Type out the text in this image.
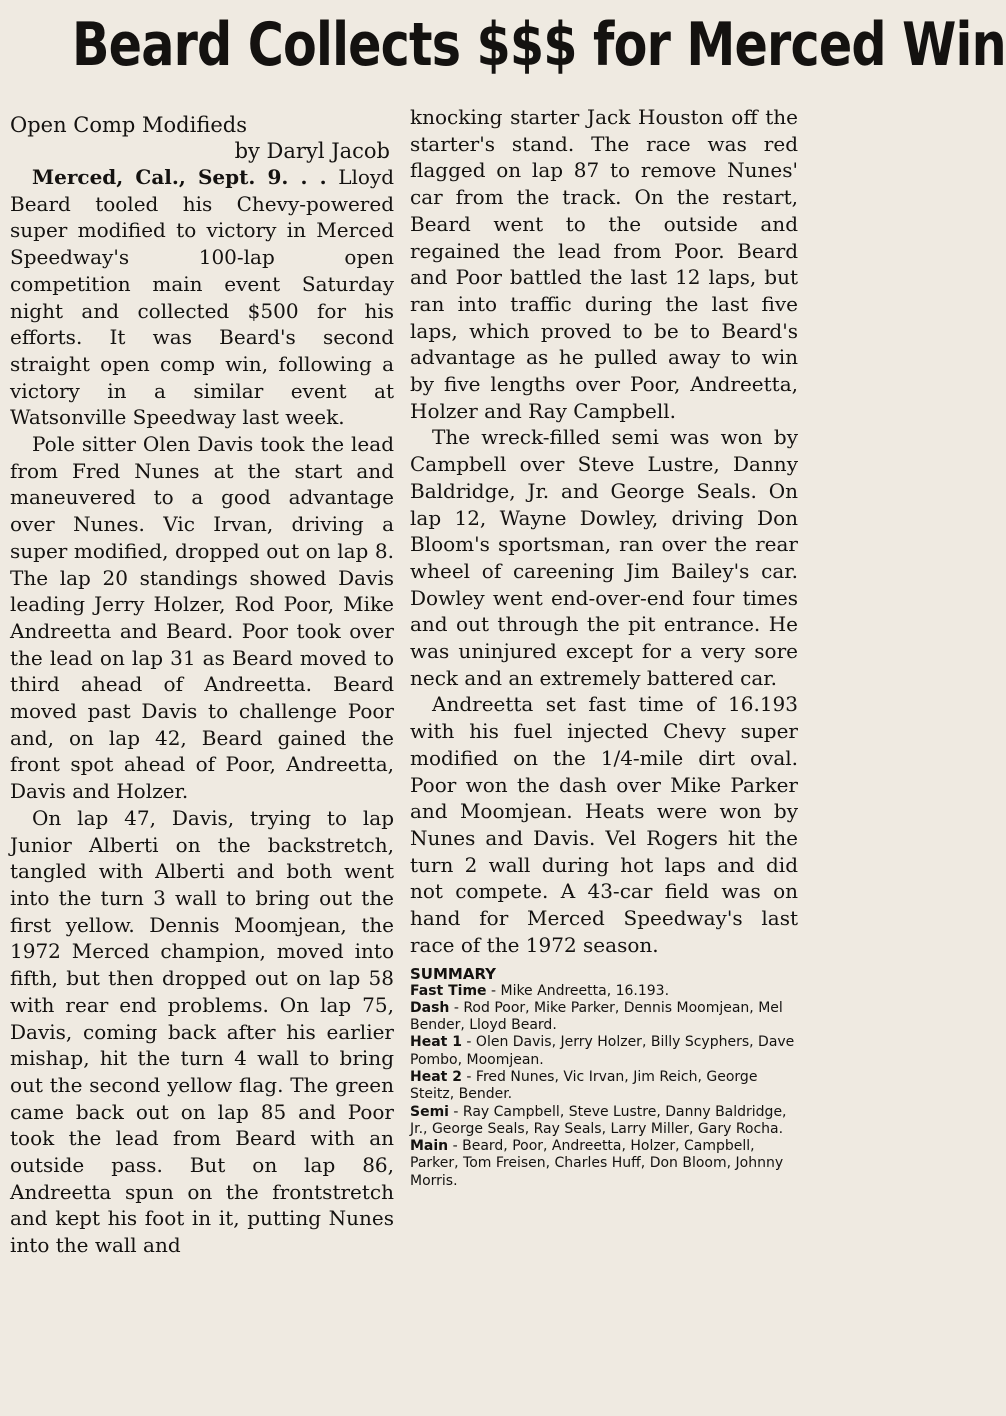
Beard Collects $$$ for Merced Win
Open Comp Modifieds
by Daryl Jacob

Merced, Cal., Sept. 9. . . Lloyd Beard tooled his Chevy-powered super modified to victory in Merced Speedway's 100-lap open competition main event Saturday night and collected $500 for his efforts. It was Beard's second straight open comp win, following a victory in a similar event at Watsonville Speedway last week.

Pole sitter Olen Davis took the lead from Fred Nunes at the start and maneuvered to a good advantage over Nunes. Vic Irvan, driving a super modified, dropped out on lap 8. The lap 20 standings showed Davis leading Jerry Holzer, Rod Poor, Mike Andreetta and Beard. Poor took over the lead on lap 31 as Beard moved to third ahead of Andreetta. Beard moved past Davis to challenge Poor and, on lap 42, Beard gained the front spot ahead of Poor, Andreetta, Davis and Holzer.

On lap 47, Davis, trying to lap Junior Alberti on the backstretch, tangled with Alberti and both went into the turn 3 wall to bring out the first yellow. Dennis Moomjean, the 1972 Merced champion, moved into fifth, but then dropped out on lap 58 with rear end problems. On lap 75, Davis, coming back after his earlier mishap, hit the turn 4 wall to bring out the second yellow flag. The green came back out on lap 85 and Poor took the lead from Beard with an outside pass. But on lap 86, Andreetta spun on the frontstretch and kept his foot in it, putting Nunes into the wall and

knocking starter Jack Houston off the starter's stand. The race was red flagged on lap 87 to remove Nunes' car from the track. On the restart, Beard went to the outside and regained the lead from Poor. Beard and Poor battled the last 12 laps, but ran into traffic during the last five laps, which proved to be to Beard's advantage as he pulled away to win by five lengths over Poor, Andreetta, Holzer and Ray Campbell.

The wreck-filled semi was won by Campbell over Steve Lustre, Danny Baldridge, Jr. and George Seals. On lap 12, Wayne Dowley, driving Don Bloom's sportsman, ran over the rear wheel of careening Jim Bailey's car. Dowley went end-over-end four times and out through the pit entrance. He was uninjured except for a very sore neck and an extremely battered car.

Andreetta set fast time of 16.193 with his fuel injected Chevy super modified on the 1/4-mile dirt oval. Poor won the dash over Mike Parker and Moomjean. Heats were won by Nunes and Davis. Vel Rogers hit the turn 2 wall during hot laps and did not compete. A 43-car field was on hand for Merced Speedway's last race of the 1972 season.

SUMMARY

Fast Time - Mike Andreetta, 16.193.

Dash - Rod Poor, Mike Parker, Dennis Moomjean, Mel Bender, Lloyd Beard.

Heat 1 - Olen Davis, Jerry Holzer, Billy Scyphers, Dave Pombo, Moomjean.

Heat 2 - Fred Nunes, Vic Irvan, Jim Reich, George Steitz, Bender.

Semi - Ray Campbell, Steve Lustre, Danny Baldridge, Jr., George Seals, Ray Seals, Larry Miller, Gary Rocha.

Main - Beard, Poor, Andreetta, Holzer, Campbell, Parker, Tom Freisen, Charles Huff, Don Bloom, Johnny Morris.
